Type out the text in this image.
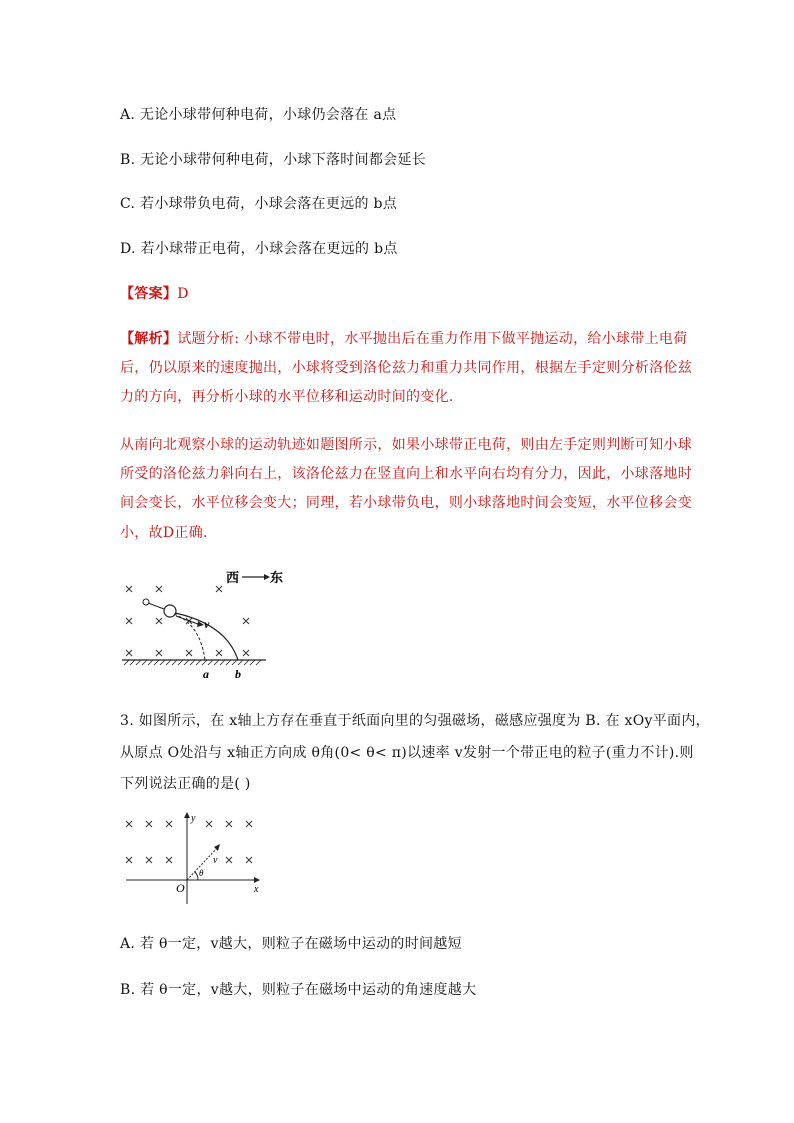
A. 无论小球带何种电荷，小球仍会落在 a点
B. 无论小球带何种电荷，小球下落时间都会延长
C. 若小球带负电荷，小球会落在更远的 b点
D. 若小球带正电荷，小球会落在更远的 b点
【答案】D
【解析】试题分析: 小球不带电时，水平抛出后在重力作用下做平抛运动，给小球带上电荷
后，仍以原来的速度抛出，小球将受到洛伦兹力和重力共同作用，根据左手定则分析洛伦兹
力的方向，再分析小球的水平位移和运动时间的变化.
从南向北观察小球的运动轨迹如题图所示，如果小球带正电荷，则由左手定则判断可知小球
所受的洛伦兹力斜向右上，该洛伦兹力在竖直向上和水平向右均有分力，因此，小球落地时
间会变长，水平位移会变大；同理，若小球带负电，则小球落地时间会变短，水平位移会变
小，故D正确.
西 东
v
a b
3. 如图所示，在 x轴上方存在垂直于纸面向里的匀强磁场，磁感应强度为 B. 在 xOy平面内，
从原点 O处沿与 x轴正方向成 θ角(0< θ< π)以速率 v发射一个带正电的粒子(重力不计).则
下列说法正确的是( )
y
x
O
v
θ
A. 若 θ一定，v越大，则粒子在磁场中运动的时间越短
B. 若 θ一定，v越大，则粒子在磁场中运动的角速度越大
